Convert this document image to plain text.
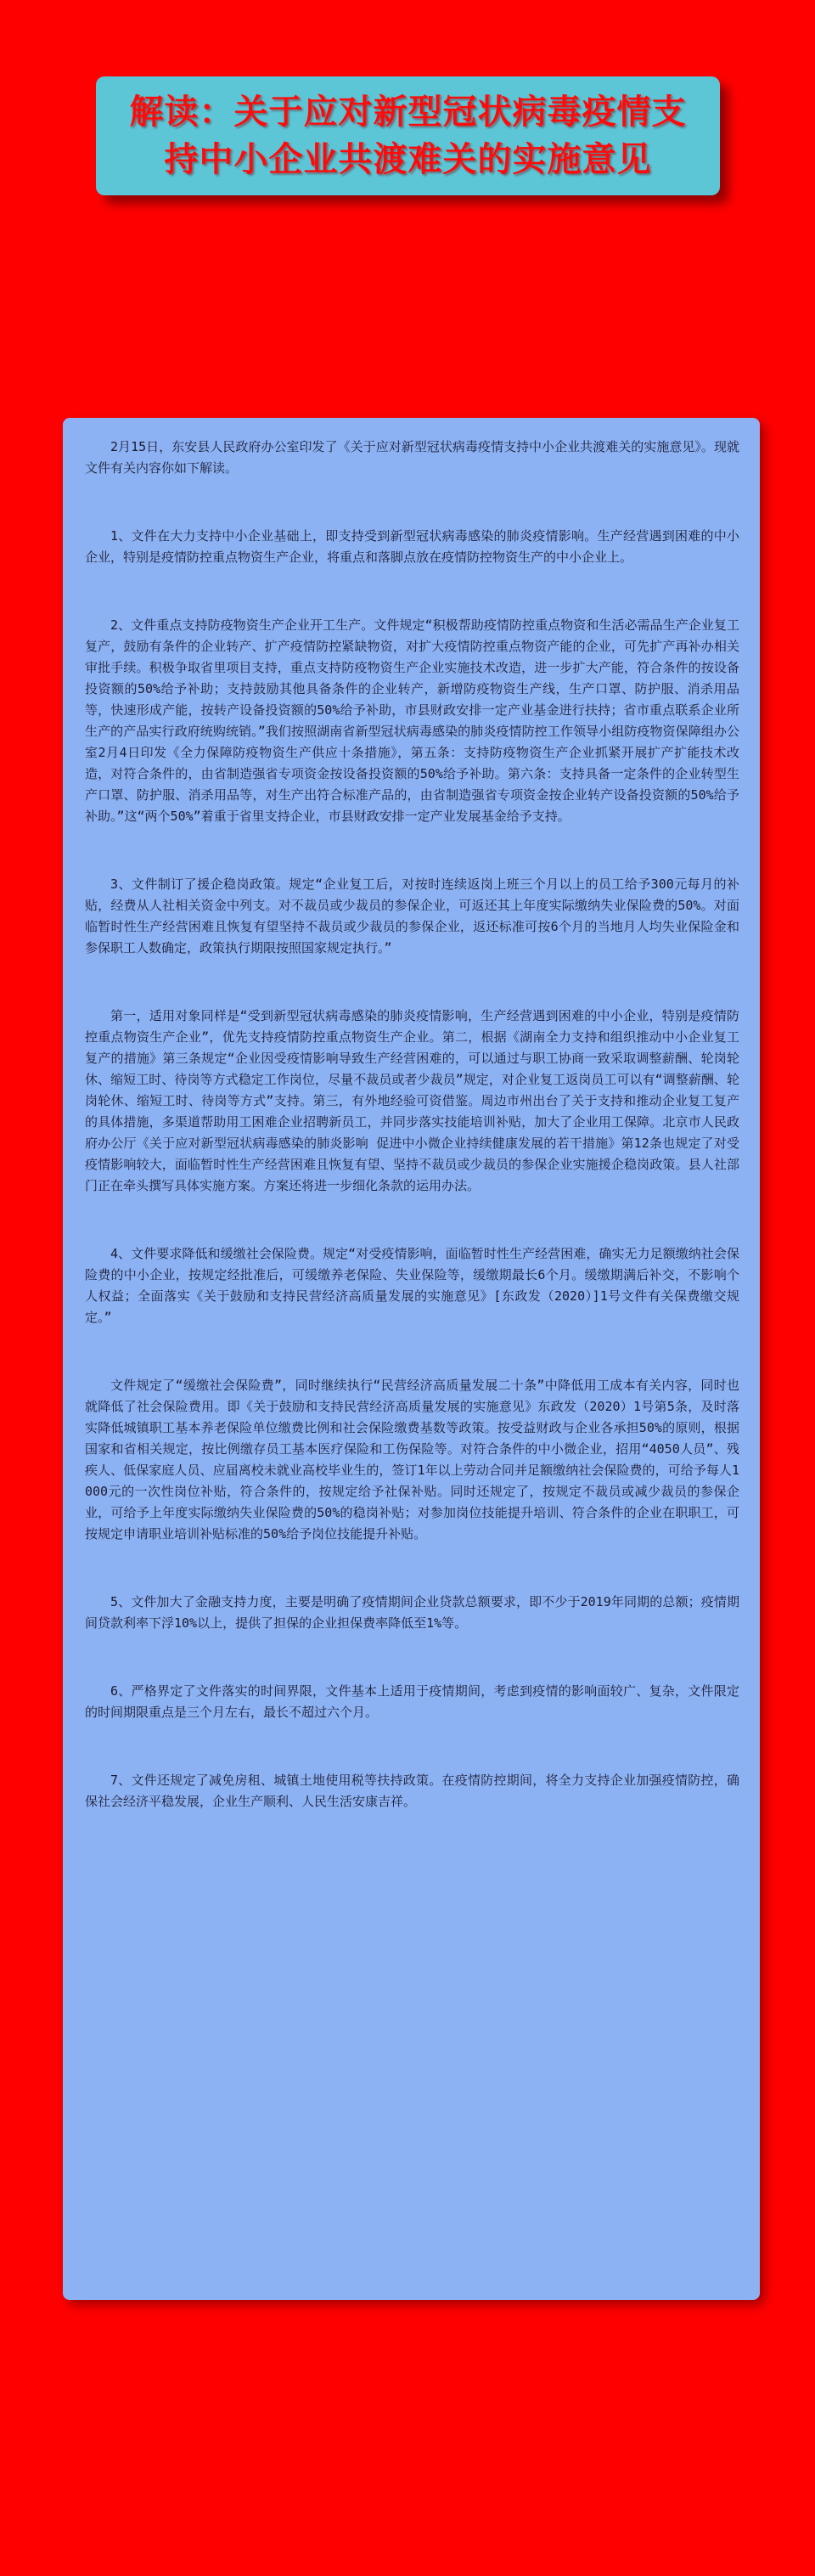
解读：关于应对新型冠状病毒疫情支
持中小企业共渡难关的实施意见

2月15日，东安县人民政府办公室印发了《关于应对新型冠状病毒疫情支持中小企业共渡难关的实施意见》。现就文件有关内容你如下解读。

1、文件在大力支持中小企业基础上，即支持受到新型冠状病毒感染的肺炎疫情影响。生产经营遇到困难的中小企业，特别是疫情防控重点物资生产企业，将重点和落脚点放在疫情防控物资生产的中小企业上。

2、文件重点支持防疫物资生产企业开工生产。文件规定“积极帮助疫情防控重点物资和生活必需品生产企业复工复产，鼓励有条件的企业转产、扩产疫情防控紧缺物资，对扩大疫情防控重点物资产能的企业，可先扩产再补办相关审批手续。积极争取省里项目支持，重点支持防疫物资生产企业实施技术改造，进一步扩大产能，符合条件的按设备投资额的50%给予补助；支持鼓励其他具备条件的企业转产，新增防疫物资生产线，生产口罩、防护服、消杀用品等，快速形成产能，按转产设备投资额的50%给予补助，市县财政安排一定产业基金进行扶持；省市重点联系企业所生产的产品实行政府统购统销。”我们按照湖南省新型冠状病毒感染的肺炎疫情防控工作领导小组防疫物资保障组办公室2月4日印发《全力保障防疫物资生产供应十条措施》，第五条：支持防疫物资生产企业抓紧开展扩产扩能技术改造，对符合条件的，由省制造强省专项资金按设备投资额的50%给予补助。第六条：支持具备一定条件的企业转型生产口罩、防护服、消杀用品等，对生产出符合标准产品的，由省制造强省专项资金按企业转产设备投资额的50%给予补助。”这“两个50%”着重于省里支持企业，市县财政安排一定产业发展基金给予支持。

3、文件制订了援企稳岗政策。规定“企业复工后，对按时连续返岗上班三个月以上的员工给予300元每月的补贴，经费从人社相关资金中列支。对不裁员或少裁员的参保企业，可返还其上年度实际缴纳失业保险费的50%。对面临暂时性生产经营困难且恢复有望坚持不裁员或少裁员的参保企业，返还标准可按6个月的当地月人均失业保险金和参保职工人数确定，政策执行期限按照国家规定执行。”

第一，适用对象同样是“受到新型冠状病毒感染的肺炎疫情影响，生产经营遇到困难的中小企业，特别是疫情防控重点物资生产企业”，优先支持疫情防控重点物资生产企业。第二，根据《湖南全力支持和组织推动中小企业复工复产的措施》第三条规定“企业因受疫情影响导致生产经营困难的，可以通过与职工协商一致采取调整薪酬、轮岗轮休、缩短工时、待岗等方式稳定工作岗位，尽量不裁员或者少裁员”规定，对企业复工返岗员工可以有“调整薪酬、轮岗轮休、缩短工时、待岗等方式”支持。第三，有外地经验可资借鉴。周边市州出台了关于支持和推动企业复工复产的具体措施，多渠道帮助用工困难企业招聘新员工，并同步落实技能培训补贴，加大了企业用工保障。北京市人民政府办公厅《关于应对新型冠状病毒感染的肺炎影响 促进中小微企业持续健康发展的若干措施》第12条也规定了对受疫情影响较大，面临暂时性生产经营困难且恢复有望、坚持不裁员或少裁员的参保企业实施援企稳岗政策。县人社部门正在牵头撰写具体实施方案。方案还将进一步细化条款的运用办法。

4、文件要求降低和缓缴社会保险费。规定“对受疫情影响，面临暂时性生产经营困难，确实无力足额缴纳社会保险费的中小企业，按规定经批准后，可缓缴养老保险、失业保险等，缓缴期最长6个月。缓缴期满后补交，不影响个人权益；全面落实《关于鼓励和支持民营经济高质量发展的实施意见》[东政发（2020）]1号文件有关保费缴交规定。”

文件规定了“缓缴社会保险费”，同时继续执行“民营经济高质量发展二十条”中降低用工成本有关内容，同时也就降低了社会保险费用。即《关于鼓励和支持民营经济高质量发展的实施意见》东政发（2020）1号第5条，及时落实降低城镇职工基本养老保险单位缴费比例和社会保险缴费基数等政策。按受益财政与企业各承担50%的原则，根据国家和省相关规定，按比例缴存员工基本医疗保险和工伤保险等。对符合条件的中小微企业，招用“4050人员”、残疾人、低保家庭人员、应届离校未就业高校毕业生的，签订1年以上劳动合同并足额缴纳社会保险费的，可给予每人1000元的一次性岗位补贴，符合条件的，按规定给予社保补贴。同时还规定了，按规定不裁员或减少裁员的参保企业，可给予上年度实际缴纳失业保险费的50%的稳岗补贴；对参加岗位技能提升培训、符合条件的企业在职职工，可按规定申请职业培训补贴标准的50%给予岗位技能提升补贴。

5、文件加大了金融支持力度，主要是明确了疫情期间企业贷款总额要求，即不少于2019年同期的总额；疫情期间贷款利率下浮10%以上，提供了担保的企业担保费率降低至1%等。

6、严格界定了文件落实的时间界限，文件基本上适用于疫情期间，考虑到疫情的影响面较广、复杂，文件限定的时间期限重点是三个月左右，最长不超过六个月。

7、文件还规定了减免房租、城镇土地使用税等扶持政策。在疫情防控期间，将全力支持企业加强疫情防控，确保社会经济平稳发展，企业生产顺利、人民生活安康吉祥。
